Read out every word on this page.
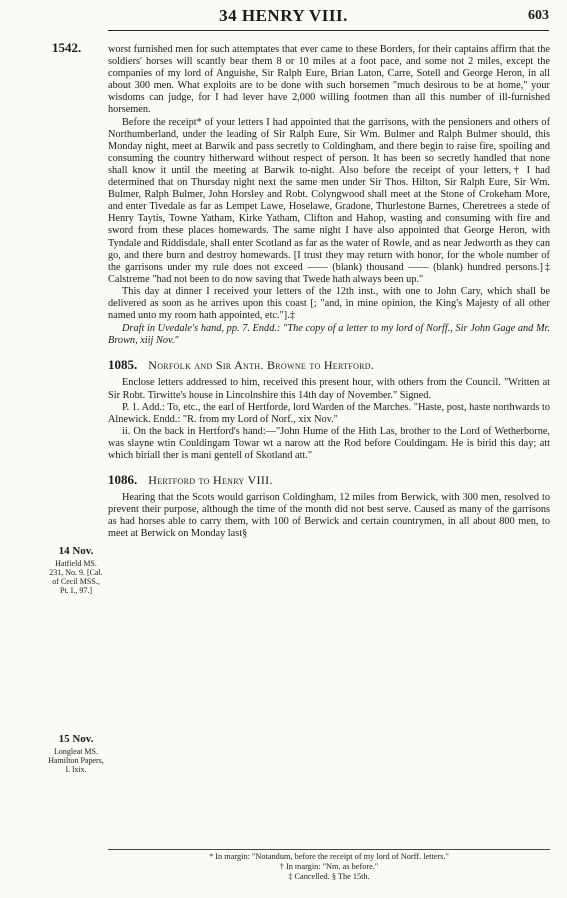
34 HENRY VIII.	603
1542.
14 Nov.
Hatfield MS. 231, No. 9. [Cal. of Cecil MSS., Pt. I., 97.]
15 Nov.
Longleat MS. Hamilton Papers, I. lxix.

worst furnished men for such attemptates that ever came to these Borders, for their captains affirm that the soldiers' horses will scantly bear them 8 or 10 miles at a foot pace, and some not 2 miles, except the companies of my lord of Anguishe, Sir Ralph Eure, Brian Laton, Carre, Sotell and George Heron, in all about 300 men. What exploits are to be done with such horsemen "much desirous to be at home," your wisdoms can judge, for I had lever have 2,000 willing footmen than all this number of ill-furnished horsemen.

Before the receipt* of your letters I had appointed that the garrisons, with the pensioners and others of Northumberland, under the leading of Sir Ralph Eure, Sir Wm. Bulmer and Ralph Bulmer should, this Monday night, meet at Barwik and pass secretly to Coldingham, and there begin to raise fire, spoiling and consuming the country hitherward without respect of person. It has been so secretly handled that none shall know it until the meeting at Barwik to-night. Also before the receipt of your letters,† I had determined that on Thursday night next the same men under Sir Thos. Hilton, Sir Ralph Eure, Sir Wm. Bulmer, Ralph Bulmer, John Horsley and Robt. Colyngwood shall meet at the Stone of Crokeham More, and enter Tivedale as far as Lempet Lawe, Hoselawe, Gradone, Thurlestone Barnes, Cheretrees a stede of Henry Taytis, Towne Yatham, Kirke Yatham, Clifton and Hahop, wasting and consuming with fire and sword from these places homewards. The same night I have also appointed that George Heron, with Tyndale and Riddisdale, shall enter Scotland as far as the water of Rowle, and as near Jedworth as they can go, and there burn and destroy homewards. [I trust they may return with honor, for the whole number of the garrisons under my rule does not exceed —— (blank) thousand —— (blank) hundred persons.]‡ Calstreme "had not been to do now saving that Twede hath always been up."

This day at dinner I received your letters of the 12th inst., with one to John Cary, which shall be delivered as soon as he arrives upon this coast [; "and, in mine opinion, the King's Majesty of all other named unto my room hath appointed, etc."].‡

Draft in Uvedale's hand, pp. 7. Endd.: "The copy of a letter to my lord of Norff., Sir John Gage and Mr. Brown, xiij Nov."

1085. Norfolk and Sir Anth. Browne to Hertford.

Enclose letters addressed to him, received this present hour, with others from the Council. "Written at Sir Robt. Tirwitte's house in Lincolnshire this 14th day of November." Signed.

P. 1. Add.: To, etc., the earl of Hertforde, lord Warden of the Marches. "Haste, post, haste northwards to Alnewick. Endd.: "R. from my Lord of Norf., xix Nov."

ii. On the back in Hertford's hand:—"John Hume of the Hith Las, brother to the Lord of Wetherborne, was slayne wtin Couldingam Towar wt a narow att the Rod before Couldingam. He is birid this day; att which biriall ther is mani gentell of Skotland att."

1086. Hertford to Henry VIII.

Hearing that the Scots would garrison Coldingham, 12 miles from Berwick, with 300 men, resolved to prevent their purpose, although the time of the month did not best serve. Caused as many of the garrisons as had horses able to carry them, with 100 of Berwick and certain countrymen, in all about 800 men, to meet at Berwick on Monday last§

* In margin: "Notandum, before the receipt of my lord of Norff. letters."
† In margin: "Nm. as before."
‡ Cancelled. § The 15th.
